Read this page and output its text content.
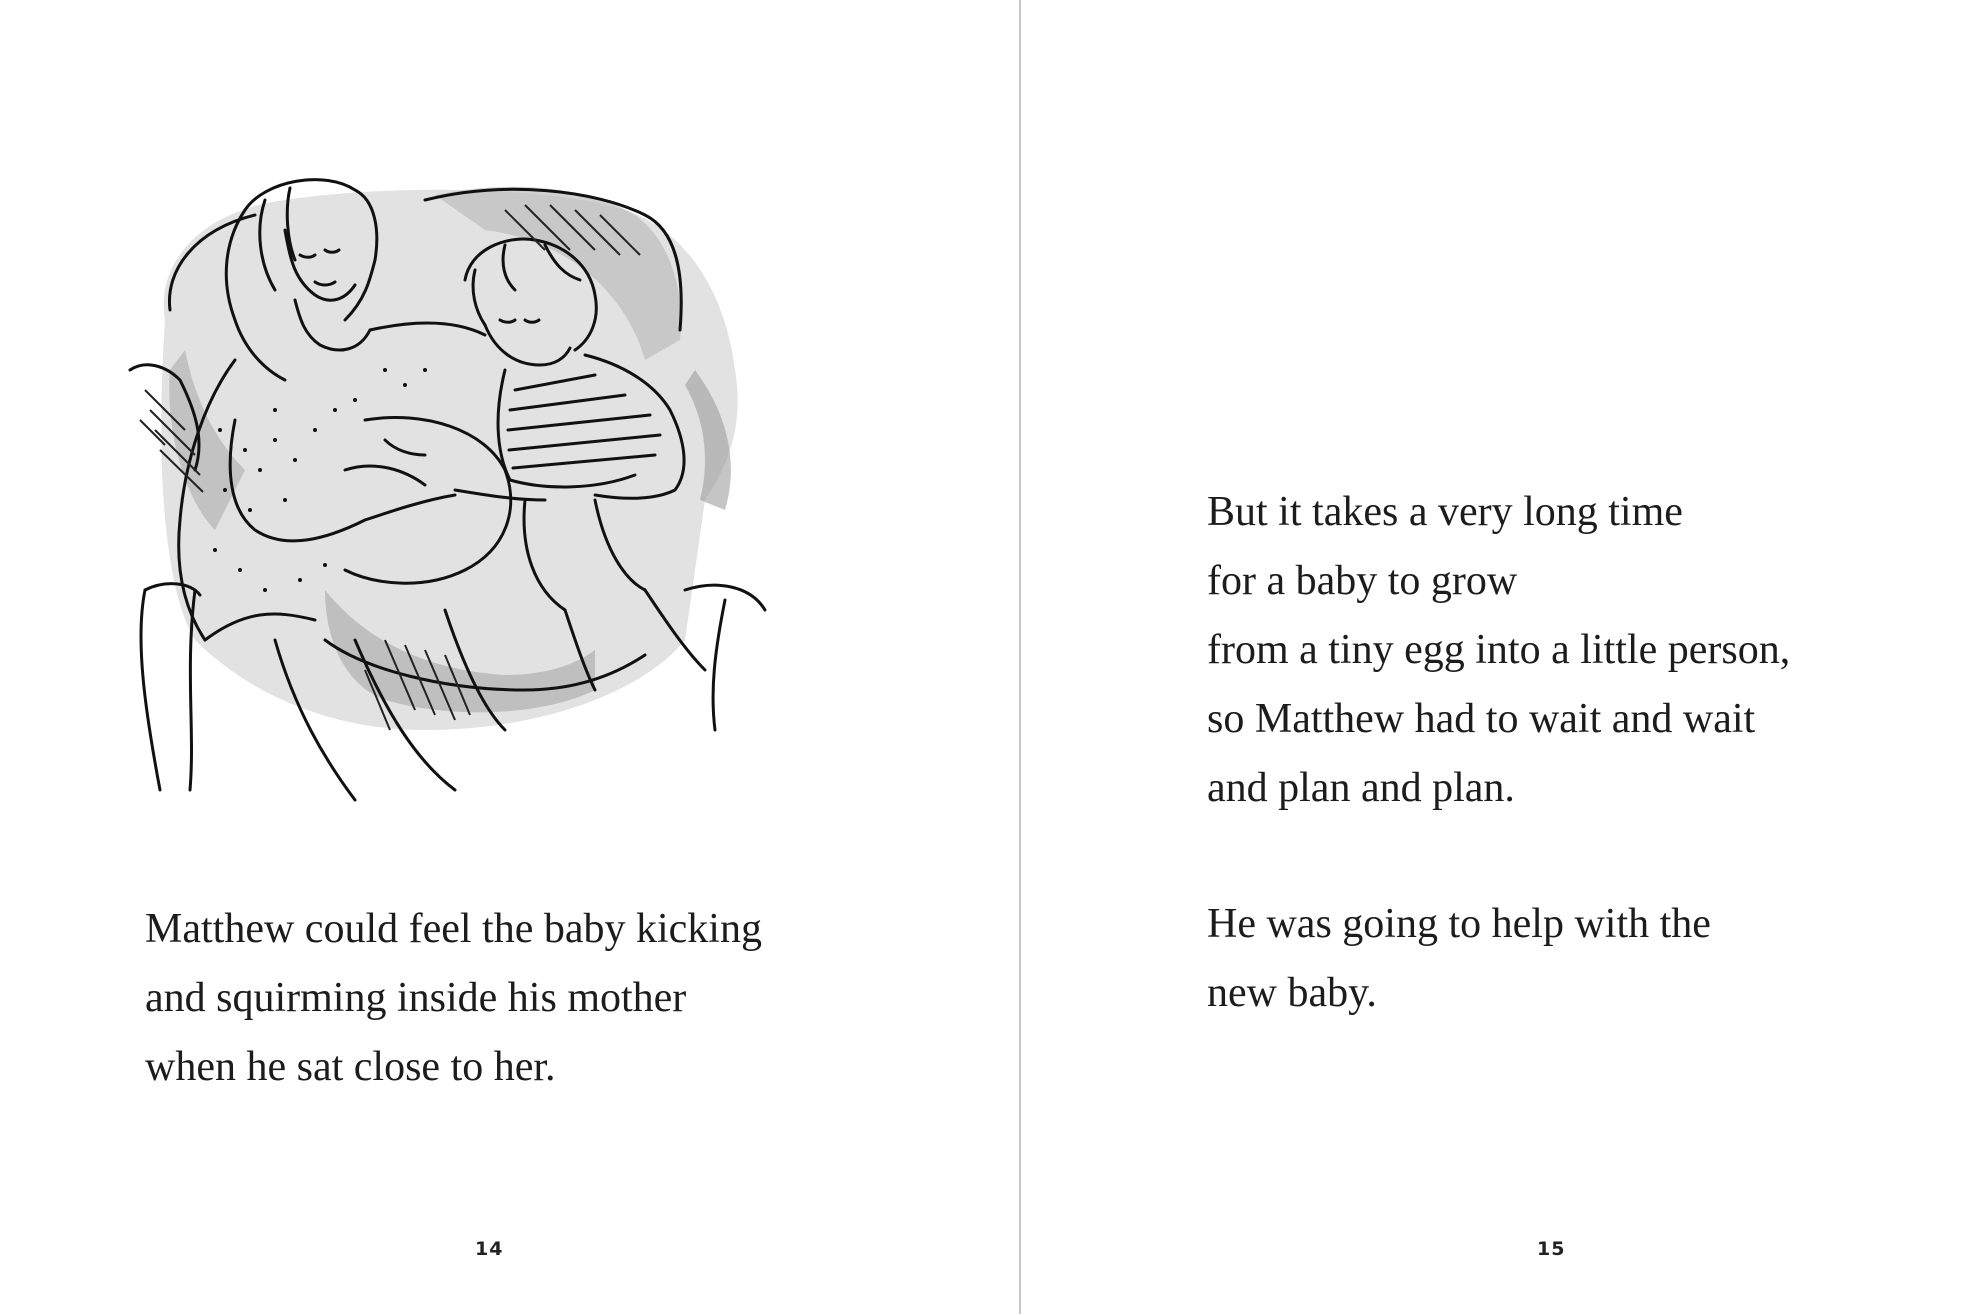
Matthew could feel the baby kicking
and squirming inside his mother
when he sat close to her.
14
But it takes a very long time
for a baby to grow
from a tiny egg into a little person,
so Matthew had to wait and wait
and plan and plan.
He was going to help with the
new baby.
15
